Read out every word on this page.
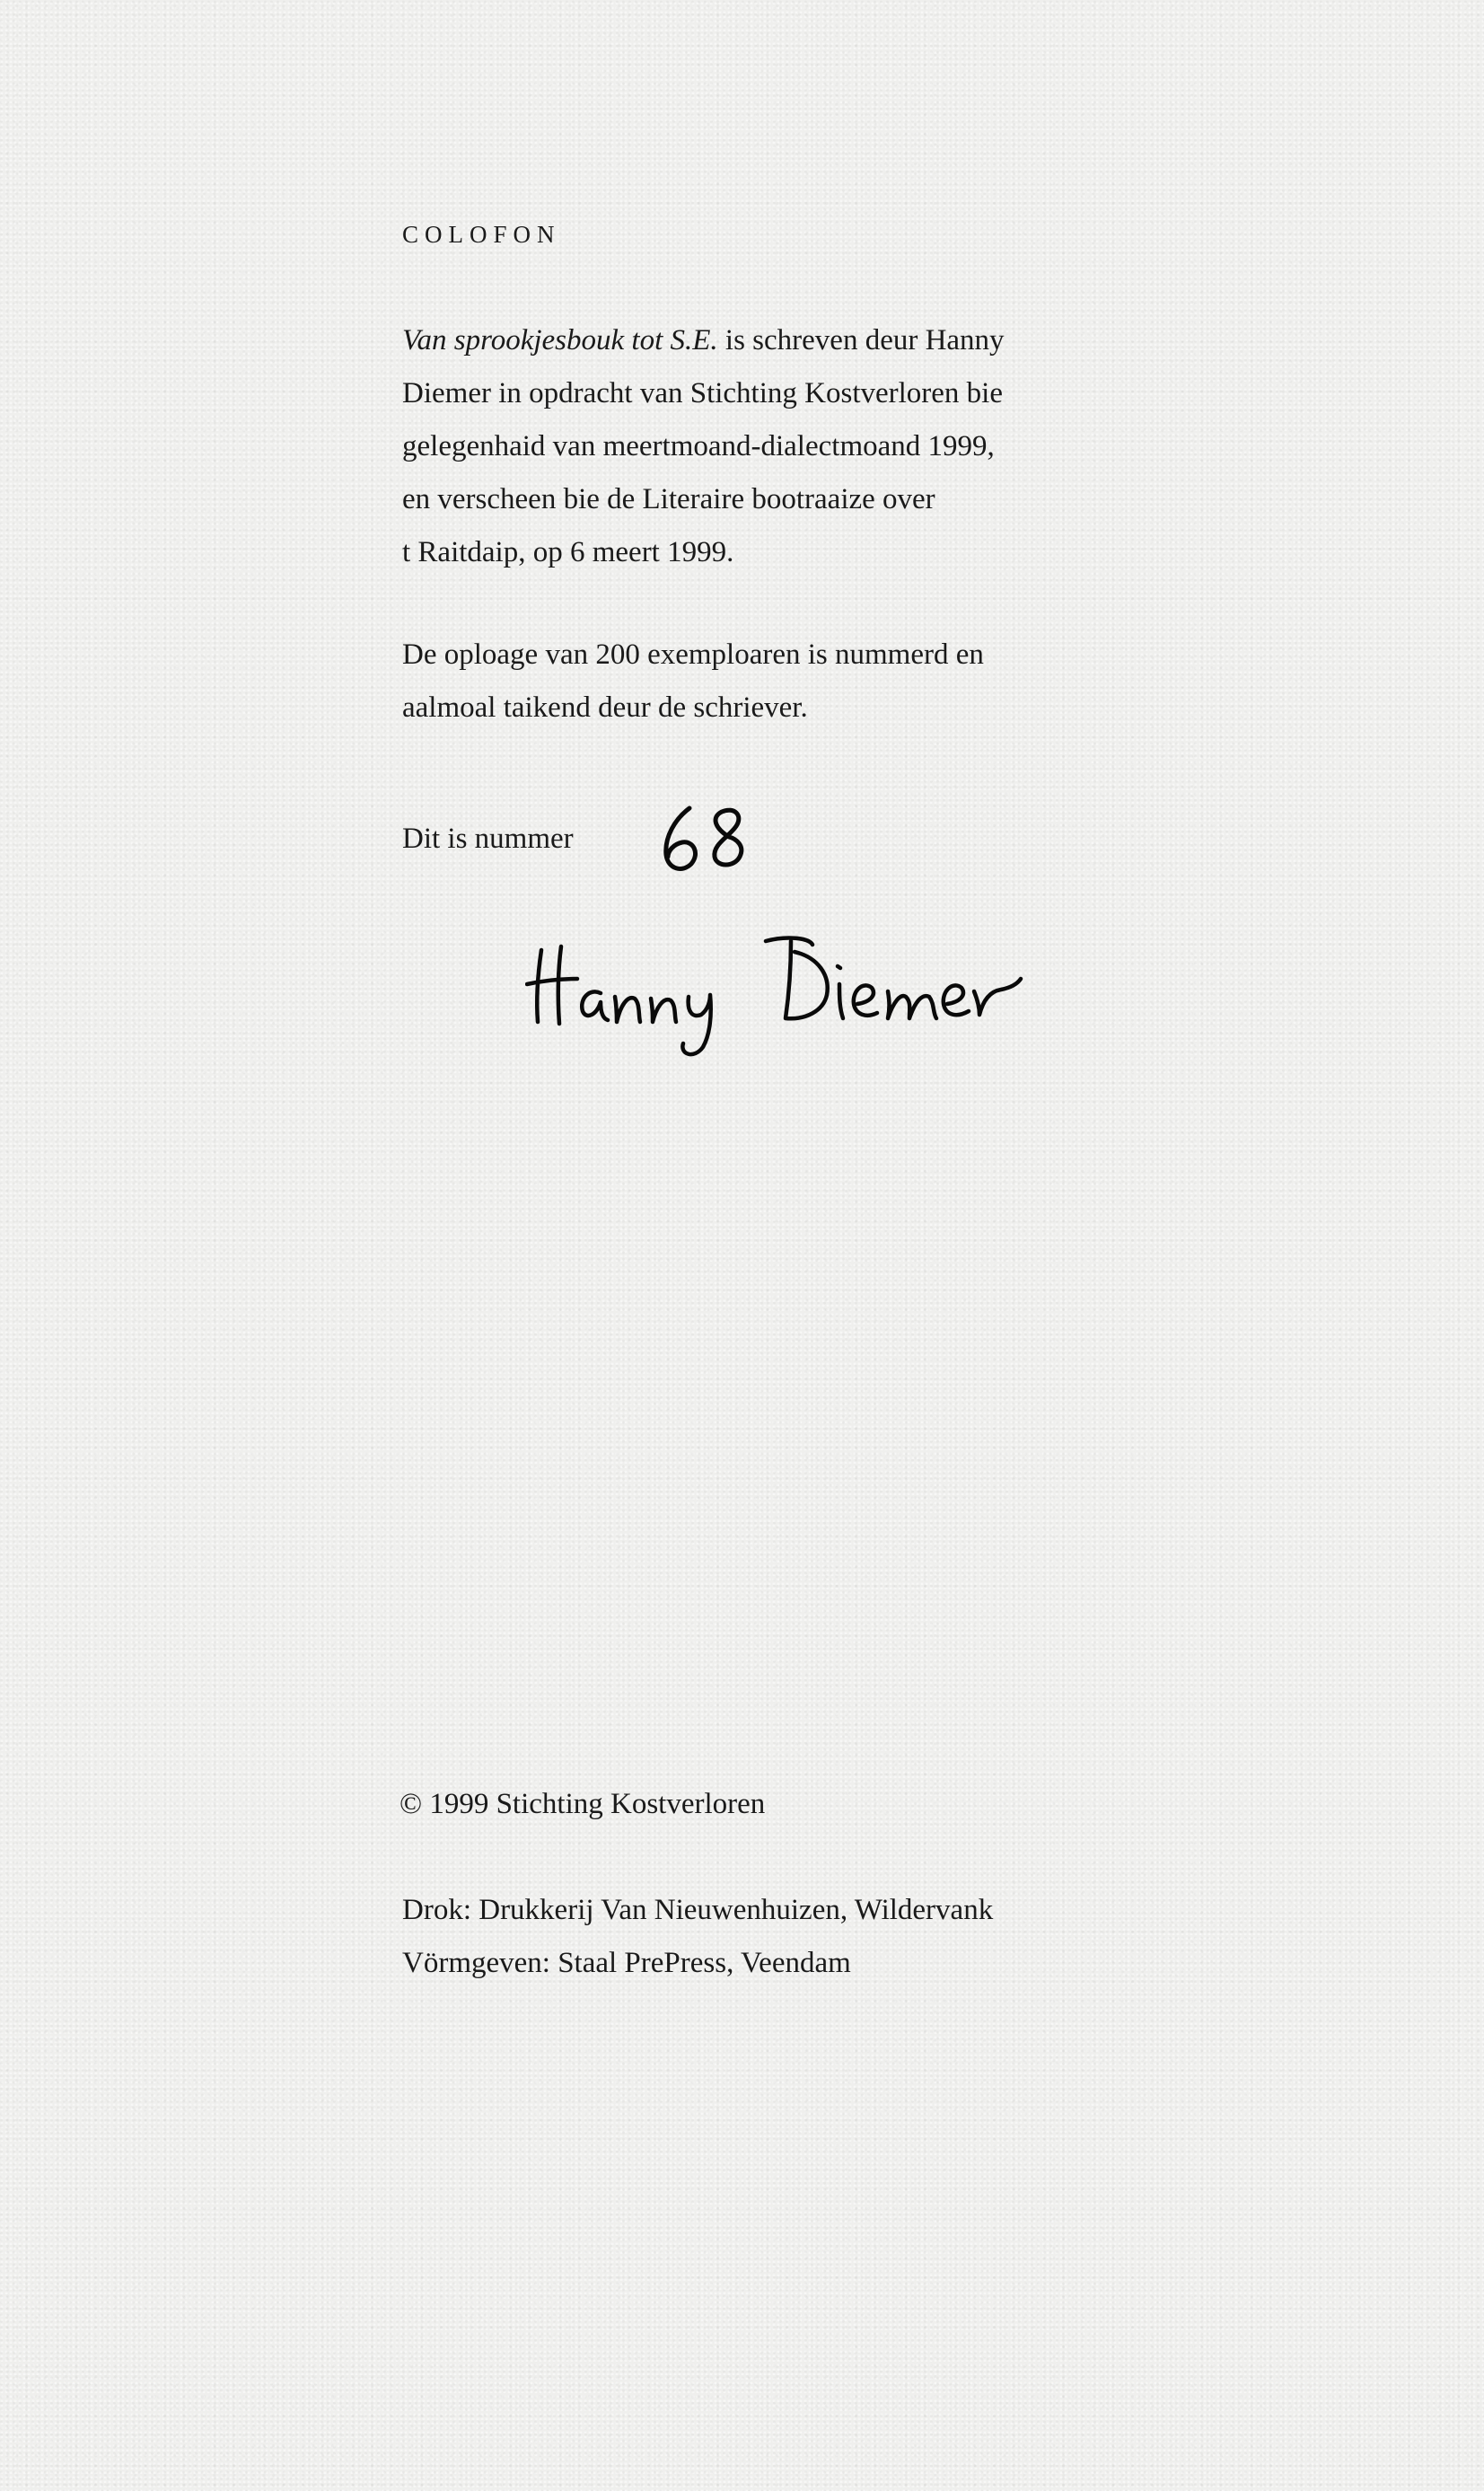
COLOFON

Van sprookjesbouk tot S.E. is schreven deur Hanny
Diemer in opdracht van Stichting Kostverloren bie
gelegenhaid van meertmoand-dialectmoand 1999,
en verscheen bie de Literaire bootraaize over
t Raitdaip, op 6 meert 1999.

De oploage van 200 exemploaren is nummerd en
aalmoal taikend deur de schriever.

Dit is nummer

© 1999 Stichting Kostverloren

Drok: Drukkerij Van Nieuwenhuizen, Wildervank
Vörmgeven: Staal PrePress, Veendam
